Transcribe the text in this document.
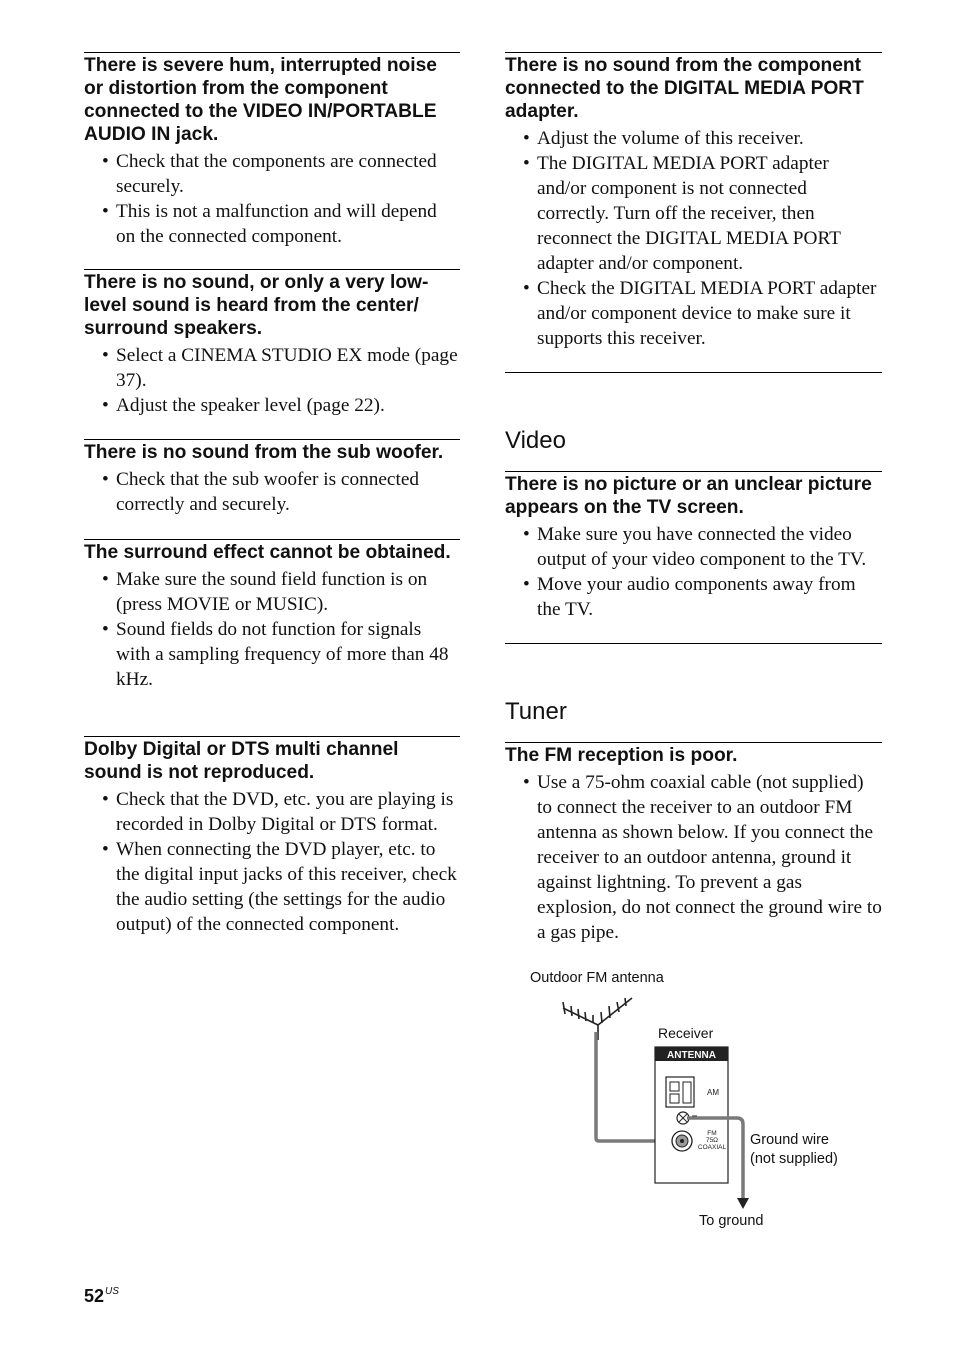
There is severe hum, interrupted noise or distortion from the component connected to the VIDEO IN/PORTABLE AUDIO IN jack.
• Check that the components are connected securely.
• This is not a malfunction and will depend on the connected component.
There is no sound, or only a very low-level sound is heard from the center/ surround speakers.
• Select a CINEMA STUDIO EX mode (page 37).
• Adjust the speaker level (page 22).
There is no sound from the sub woofer.
• Check that the sub woofer is connected correctly and securely.
The surround effect cannot be obtained.
• Make sure the sound field function is on (press MOVIE or MUSIC).
• Sound fields do not function for signals with a sampling frequency of more than 48 kHz.
Dolby Digital or DTS multi channel sound is not reproduced.
• Check that the DVD, etc. you are playing is recorded in Dolby Digital or DTS format.
• When connecting the DVD player, etc. to the digital input jacks of this receiver, check the audio setting (the settings for the audio output) of the connected component.
There is no sound from the component connected to the DIGITAL MEDIA PORT adapter.
• Adjust the volume of this receiver.
• The DIGITAL MEDIA PORT adapter and/or component is not connected correctly. Turn off the receiver, then reconnect the DIGITAL MEDIA PORT adapter and/or component.
• Check the DIGITAL MEDIA PORT adapter and/or component device to make sure it supports this receiver.
Video
There is no picture or an unclear picture appears on the TV screen.
• Make sure you have connected the video output of your video component to the TV.
• Move your audio components away from the TV.
Tuner
The FM reception is poor.
• Use a 75-ohm coaxial cable (not supplied) to connect the receiver to an outdoor FM antenna as shown below. If you connect the receiver to an outdoor antenna, ground it against lightning. To prevent a gas explosion, do not connect the ground wire to a gas pipe.
Outdoor FM antenna
Receiver
ANTENNA
AM
FM
75Ω
COAXIAL Ground wire
(not supplied)
To ground
$52^{US}$
